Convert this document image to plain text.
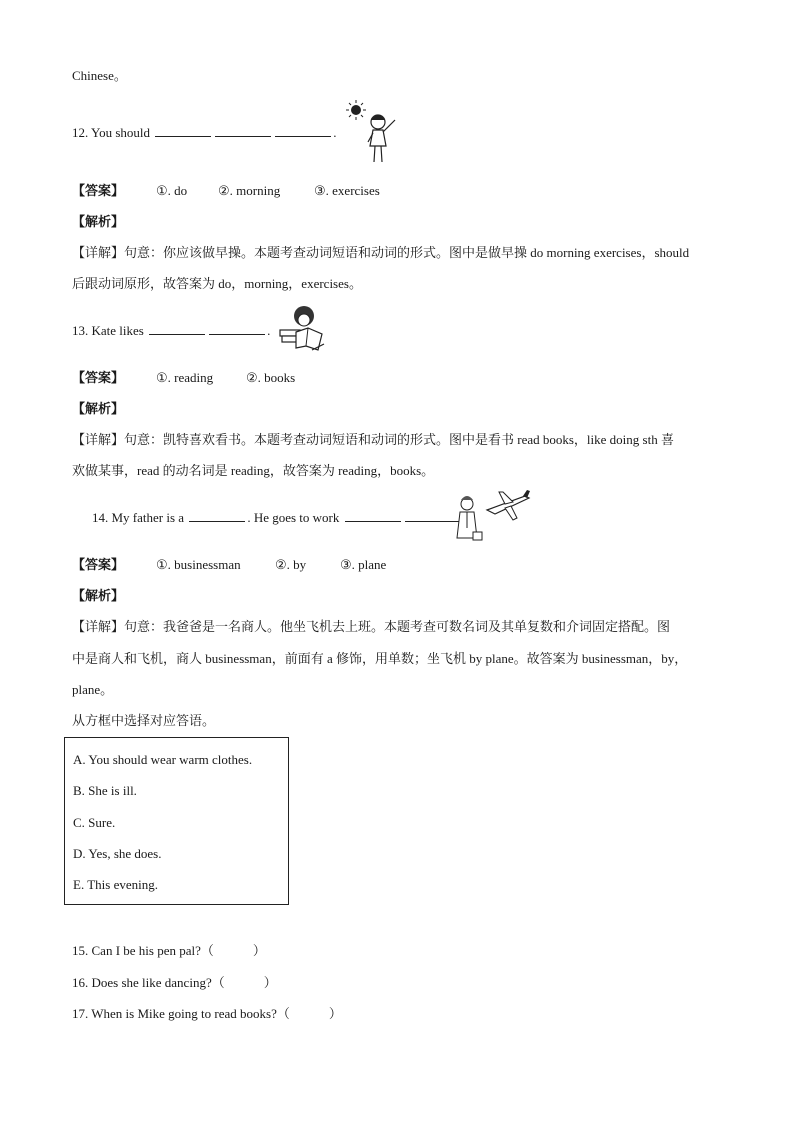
Chinese。
12. You should	.
【答案】 ①. do ②. morning	③. exercises
【解析】
【详解】句意：你应该做早操。本题考查动词短语和动词的形式。图中是做早操 do morning exercises，should
后跟动词原形，故答案为 do，morning，exercises。
13. Kate likes	.
【答案】 ①. reading	②. books
【解析】
【详解】句意：凯特喜欢看书。本题考查动词短语和动词的形式。图中是看书 read books，like doing sth 喜
欢做某事，read 的动名词是 reading，故答案为 reading，books。
14. My father is a	. He goes to work
【答案】 ①. businessman	②. by	③. plane
【解析】
【详解】句意：我爸爸是一名商人。他坐飞机去上班。本题考查可数名词及其单复数和介词固定搭配。图
中是商人和飞机，商人 businessman，前面有 a 修饰，用单数；坐飞机 by plane。故答案为 businessman，by，
plane。
从方框中选择对应答语。
A. You should wear warm clothes.
B. She is ill.
C. Sure.
D. Yes, she does.
E. This evening.
15. Can I be his pen pal?（　　　）
16. Does she like dancing?（　　　）
17. When is Mike going to read books?（　　　）
